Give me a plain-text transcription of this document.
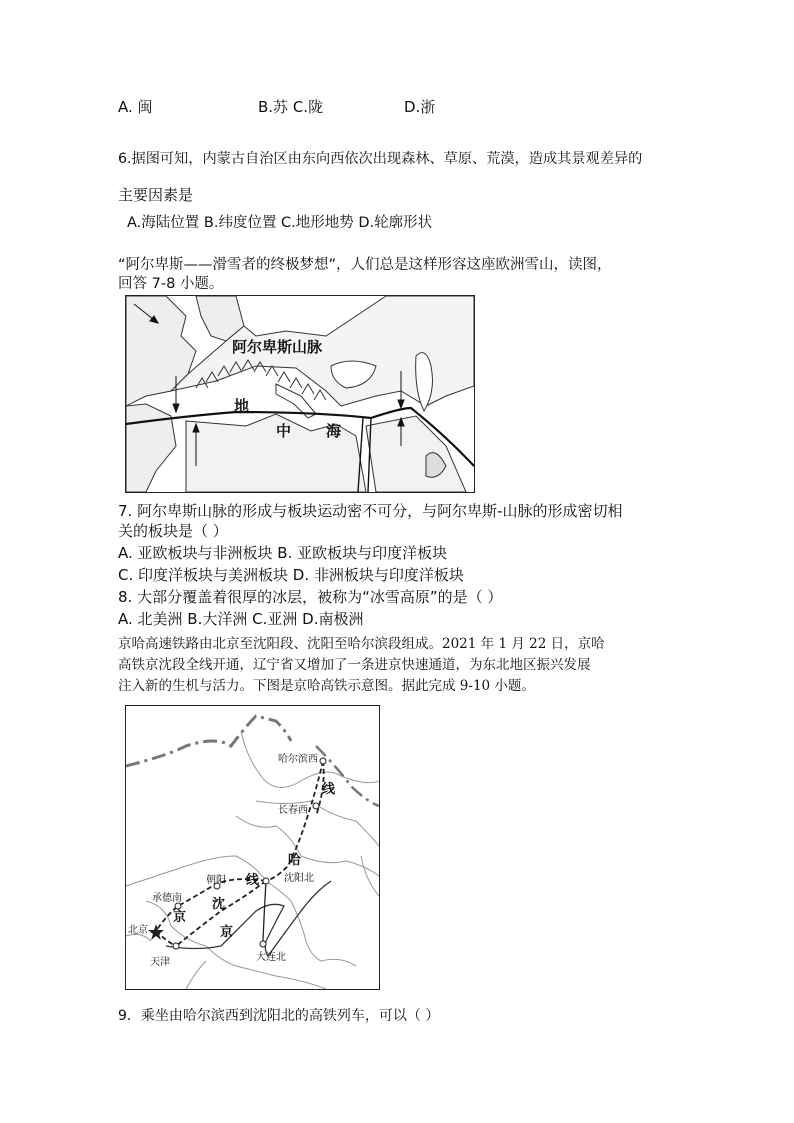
A. 闽	B.苏 C.陇	D.浙
6.据图可知，内蒙古自治区由东向西依次出现森林、草原、荒漠，造成其景观差异的
主要因素是
A.海陆位置 B.纬度位置 C.地形地势 D.轮廓形状
“阿尔卑斯——滑雪者的终极梦想”，人们总是这样形容这座欧洲雪山，读图，
回答 7-8 小题。
阿尔卑斯山脉
地
中 海
7. 阿尔卑斯山脉的形成与板块运动密不可分，与阿尔卑斯-山脉的形成密切相
关的板块是（ ）
A. 亚欧板块与非洲板块 B. 亚欧板块与印度洋板块
C. 印度洋板块与美洲板块 D. 非洲板块与印度洋板块
8. 大部分覆盖着很厚的冰层，被称为“冰雪高原”的是（ ）
A. 北美洲 B.大洋洲 C.亚洲 D.南极洲
京哈高速铁路由北京至沈阳段、沈阳至哈尔滨段组成。2021 年 1 月 22 日，京哈
高铁京沈段全线开通，辽宁省又增加了一条进京快速通道，为东北地区振兴发展
注入新的生机与活力。下图是京哈高铁示意图。据此完成 9-10 小题。
哈尔滨西
长春西
朝阳	沈阳北
承德南
北京
天津	大连北
线
哈
线
沈
京
京
9．乘坐由哈尔滨西到沈阳北的高铁列车，可以（ ）
